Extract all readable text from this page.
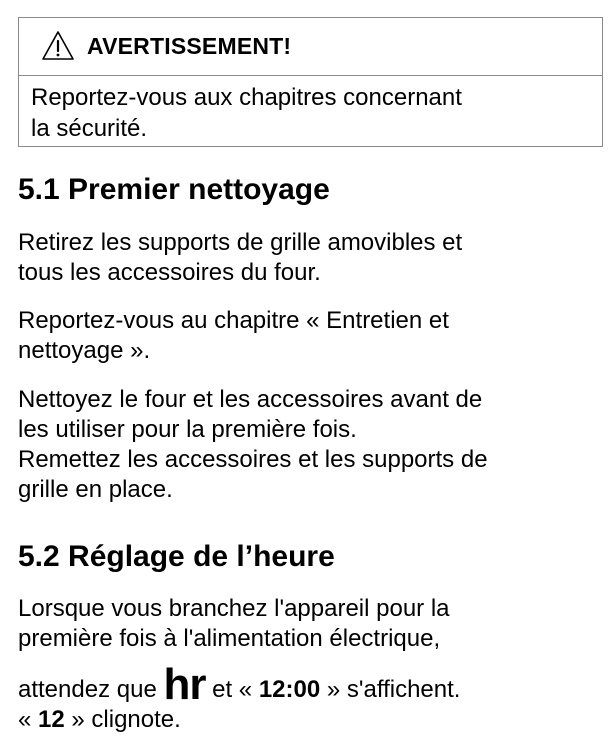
AVERTISSEMENT!
Reportez-vous aux chapitres concernant
la sécurité.
5.1 Premier nettoyage

Retirez les supports de grille amovibles et
tous les accessoires du four.

Reportez-vous au chapitre « Entretien et
nettoyage ».

Nettoyez le four et les accessoires avant de
les utiliser pour la première fois.
Remettez les accessoires et les supports de
grille en place.

5.2 Réglage de l’heure

Lorsque vous branchez l'appareil pour la
première fois à l'alimentation électrique,

attendez que hr et « 12:00 » s'affichent.
« 12 » clignote.
